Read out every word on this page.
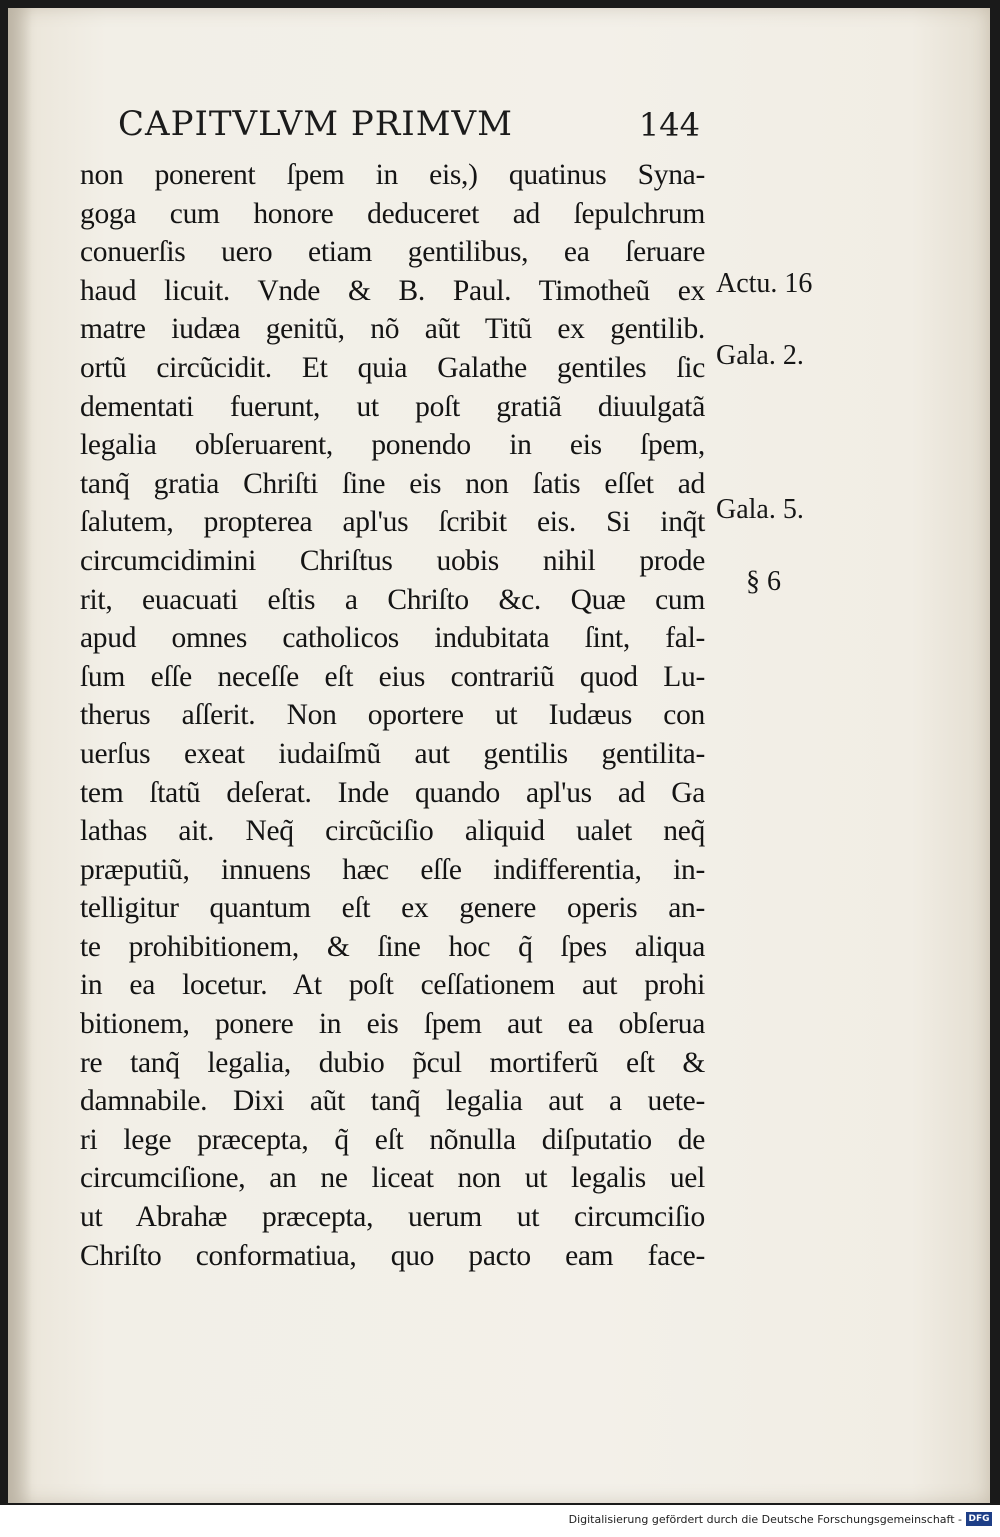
CAPITVLVM PRIMVM	144
non ponerent ſpem in eis,) quatinus Syna-
goga cum honore deduceret ad ſepulchrum
conuerſis uero etiam gentilibus, ea ſeruare
haud licuit. Vnde & B. Paul. Timotheũ ex
matre iudæa genitũ, nõ aũt Titũ ex gentilib.
ortũ circũcidit. Et quia Galathe gentiles ſic
dementati fuerunt, ut poſt gratiã diuulgatã
legalia obſeruarent, ponendo in eis ſpem,
tanq̃ gratia Chriſti ſine eis non ſatis eſſet ad
ſalutem, propterea apl'us ſcribit eis. Si inq̃t
circumcidimini Chriſtus uobis nihil prode
rit, euacuati eſtis a Chriſto &c. Quæ cum
apud omnes catholicos indubitata ſint, fal-
ſum eſſe neceſſe eſt eius contrariũ quod Lu-
therus aſſerit. Non oportere ut Iudæus con
uerſus exeat iudaiſmũ aut gentilis gentilita-
tem ſtatũ deſerat. Inde quando apl'us ad Ga
lathas ait. Neq̃ circũciſio aliquid ualet neq̃
præputiũ, innuens hæc eſſe indifferentia, in-
telligitur quantum eſt ex genere operis an-
te prohibitionem, & ſine hoc q̃ ſpes aliqua
in ea locetur. At poſt ceſſationem aut prohi
bitionem, ponere in eis ſpem aut ea obſerua
re tanq̃ legalia, dubio p̃cul mortiferũ eſt &
damnabile. Dixi aũt tanq̃ legalia aut a uete-
ri lege præcepta, q̃ eſt nõnulla diſputatio de
circumciſione, an ne liceat non ut legalis uel
ut Abrahæ præcepta, uerum ut circumciſio
Chriſto conformatiua, quo pacto eam face-
Actu. 16
Gala. 2.
Gala. 5.
§ 6
Digitalisierung gefördert durch die Deutsche Forschungsgemeinschaft - DFG
